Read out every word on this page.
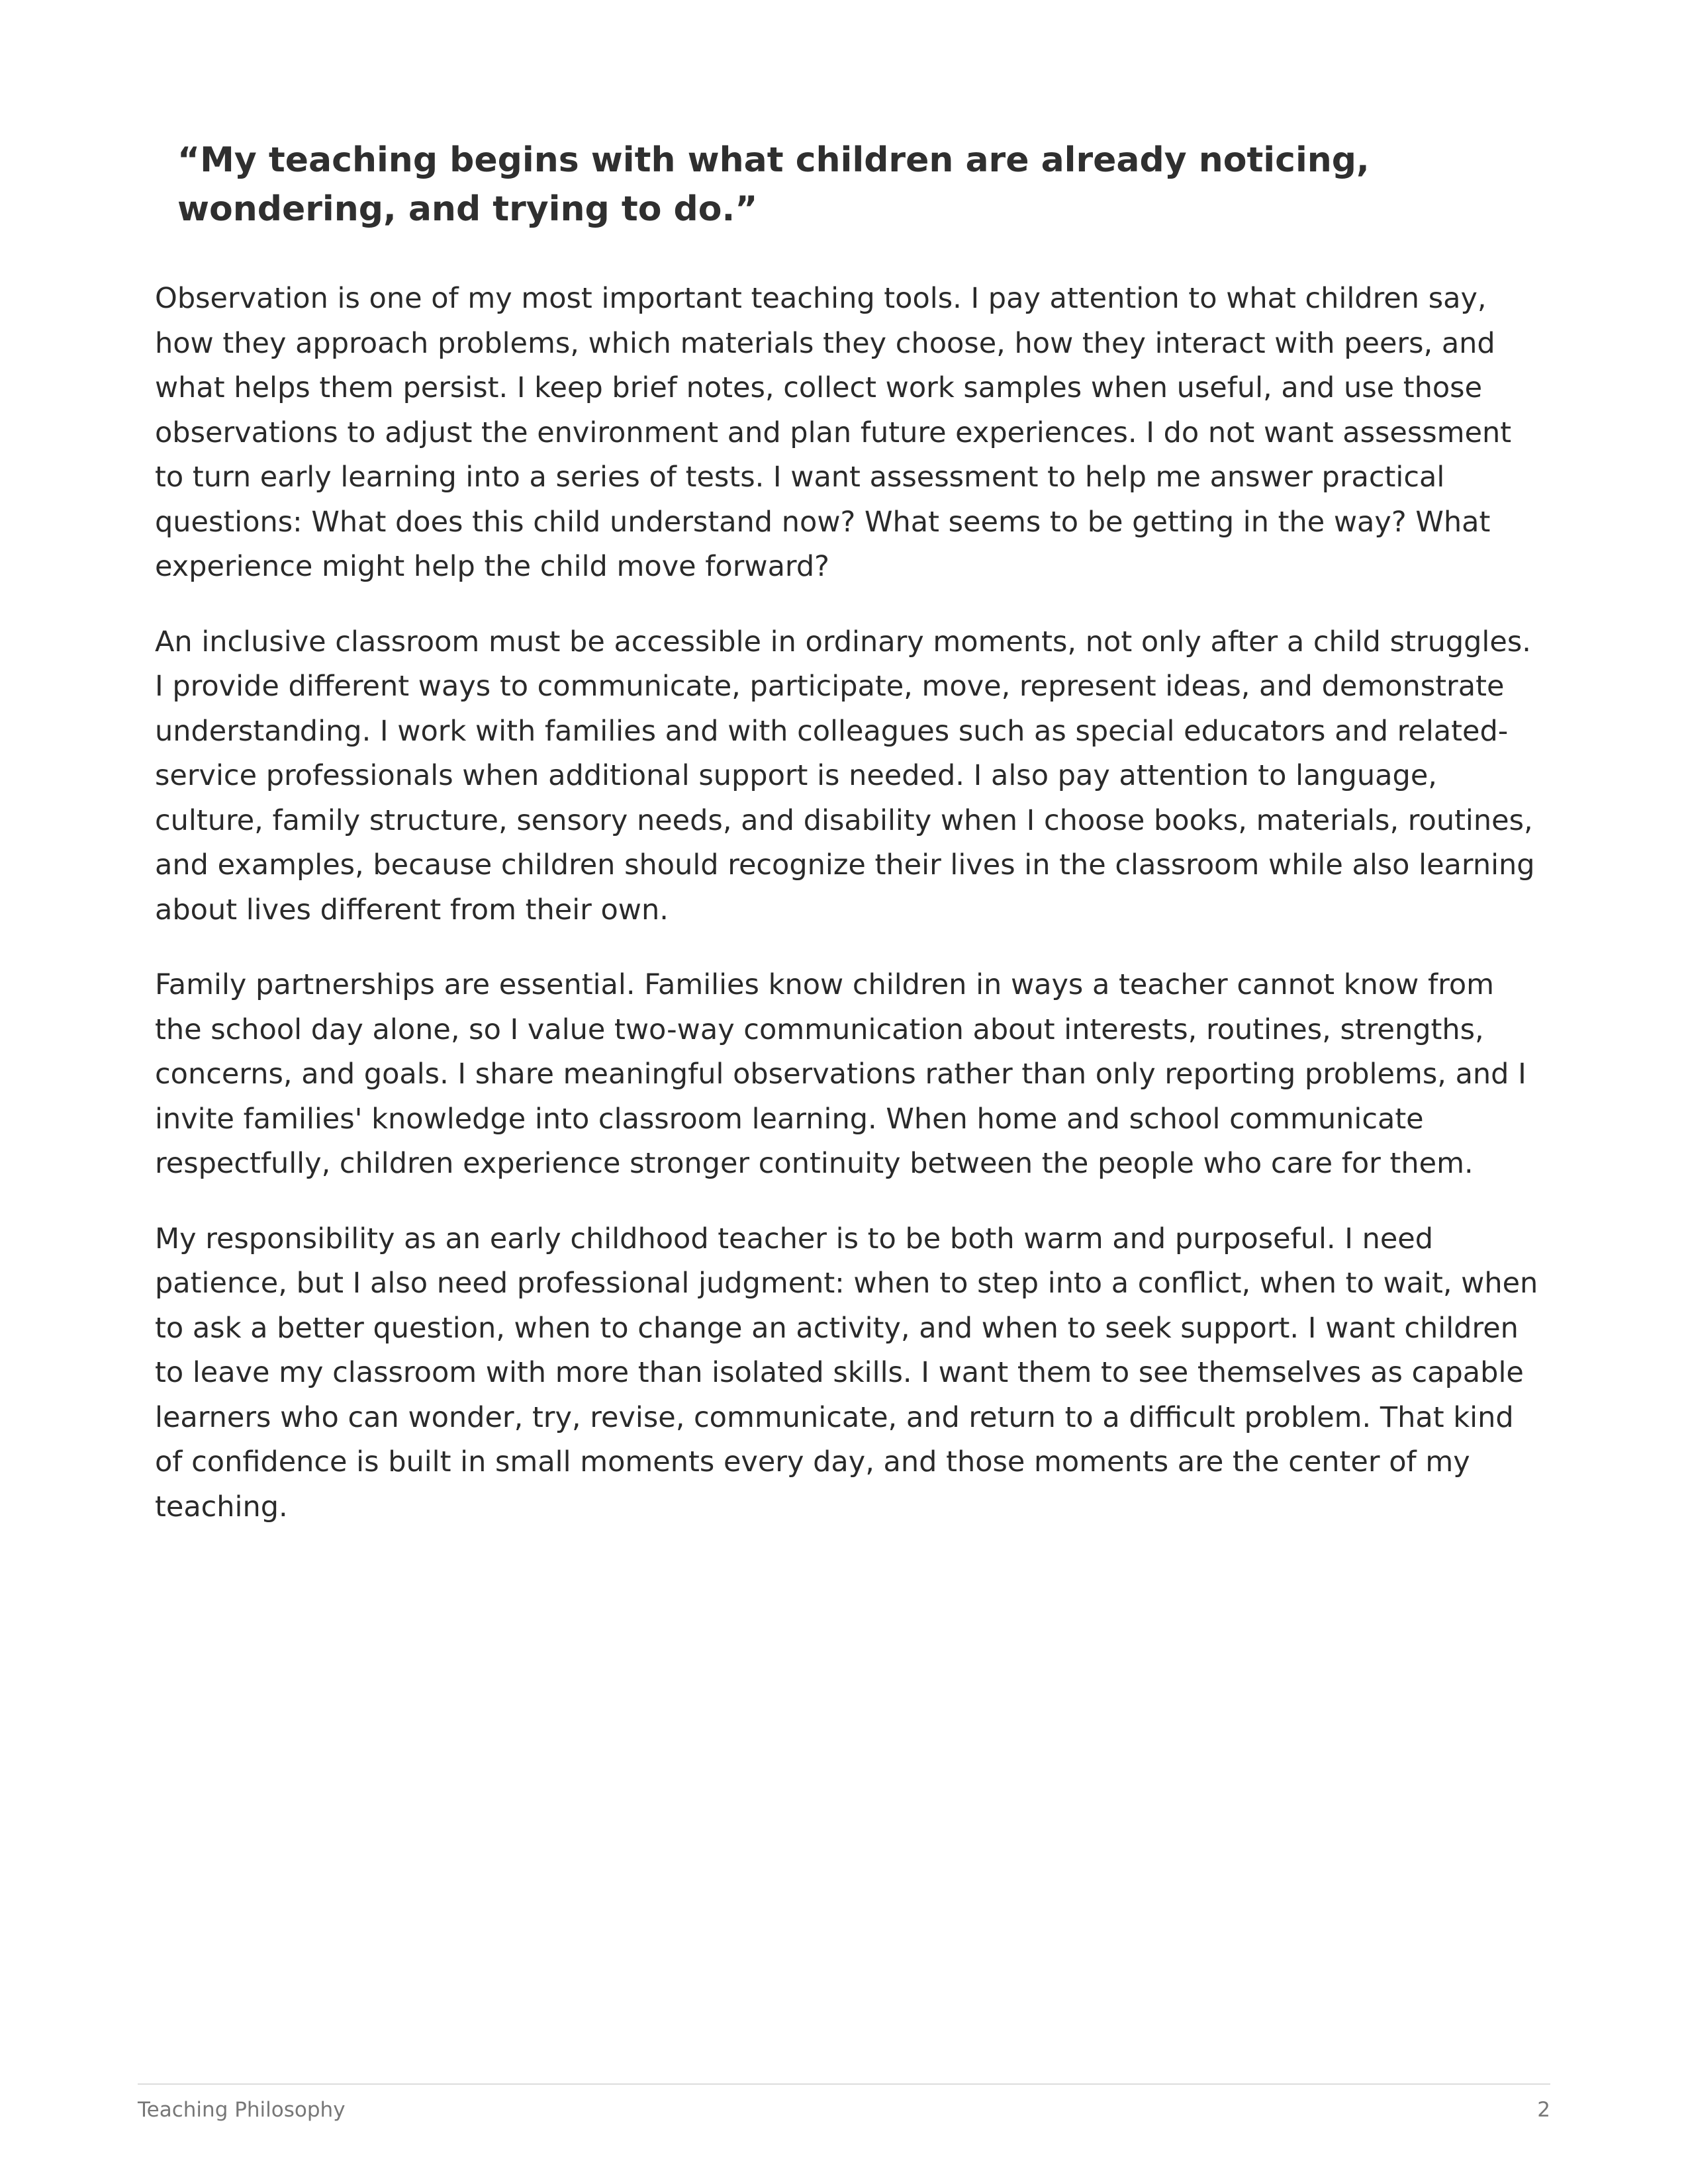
“My teaching begins with what children are already noticing, wondering, and trying to do.”

Observation is one of my most important teaching tools. I pay attention to what children say, how they approach problems, which materials they choose, how they interact with peers, and what helps them persist. I keep brief notes, collect work samples when useful, and use those observations to adjust the environment and plan future experiences. I do not want assessment to turn early learning into a series of tests. I want assessment to help me answer practical questions: What does this child understand now? What seems to be getting in the way? What experience might help the child move forward?

An inclusive classroom must be accessible in ordinary moments, not only after a child struggles. I provide different ways to communicate, participate, move, represent ideas, and demonstrate understanding. I work with families and with colleagues such as special educators and related-service professionals when additional support is needed. I also pay attention to language, culture, family structure, sensory needs, and disability when I choose books, materials, routines, and examples, because children should recognize their lives in the classroom while also learning about lives different from their own.

Family partnerships are essential. Families know children in ways a teacher cannot know from the school day alone, so I value two-way communication about interests, routines, strengths, concerns, and goals. I share meaningful observations rather than only reporting problems, and I invite families' knowledge into classroom learning. When home and school communicate respectfully, children experience stronger continuity between the people who care for them.

My responsibility as an early childhood teacher is to be both warm and purposeful. I need patience, but I also need professional judgment: when to step into a conflict, when to wait, when to ask a better question, when to change an activity, and when to seek support. I want children to leave my classroom with more than isolated skills. I want them to see themselves as capable learners who can wonder, try, revise, communicate, and return to a difficult problem. That kind of confidence is built in small moments every day, and those moments are the center of my teaching.

Teaching Philosophy	2
